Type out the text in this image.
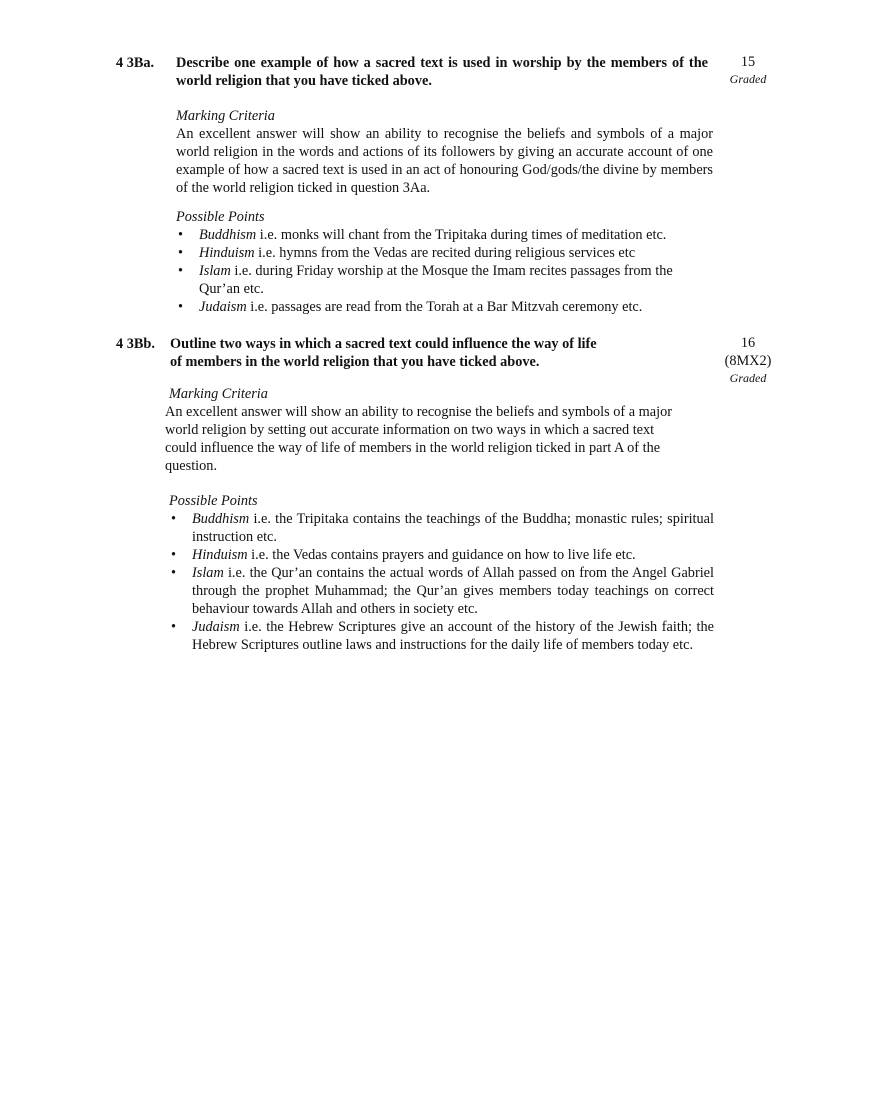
4 3Ba. Describe one example of how a sacred text is used in worship by the members of the world religion that you have ticked above.
15
Graded

Marking Criteria

An excellent answer will show an ability to recognise the beliefs and symbols of a major world religion in the words and actions of its followers by giving an accurate account of one example of how a sacred text is used in an act of honouring God/gods/the divine by members of the world religion ticked in question 3Aa.

Possible Points

• Buddhism i.e. monks will chant from the Tripitaka during times of meditation etc.
• Hinduism i.e. hymns from the Vedas are recited during religious services etc
• Islam i.e. during Friday worship at the Mosque the Imam recites passages from the Qur’an etc.
• Judaism i.e. passages are read from the Torah at a Bar Mitzvah ceremony etc.
4 3Bb. Outline two ways in which a sacred text could influence the way of life
of members in the world religion that you have ticked above.
16
(8MX2)
Graded

Marking Criteria

An excellent answer will show an ability to recognise the beliefs and symbols of a major
world religion by setting out accurate information on two ways in which a sacred text
could influence the way of life of members in the world religion ticked in part A of the
question.

Possible Points

• Buddhism i.e. the Tripitaka contains the teachings of the Buddha; monastic rules; spiritual instruction etc.
• Hinduism i.e. the Vedas contains prayers and guidance on how to live life etc.
• Islam i.e. the Qur’an contains the actual words of Allah passed on from the Angel Gabriel through the prophet Muhammad; the Qur’an gives members today teachings on correct behaviour towards Allah and others in society etc.
• Judaism i.e. the Hebrew Scriptures give an account of the history of the Jewish faith; the Hebrew Scriptures outline laws and instructions for the daily life of members today etc.
